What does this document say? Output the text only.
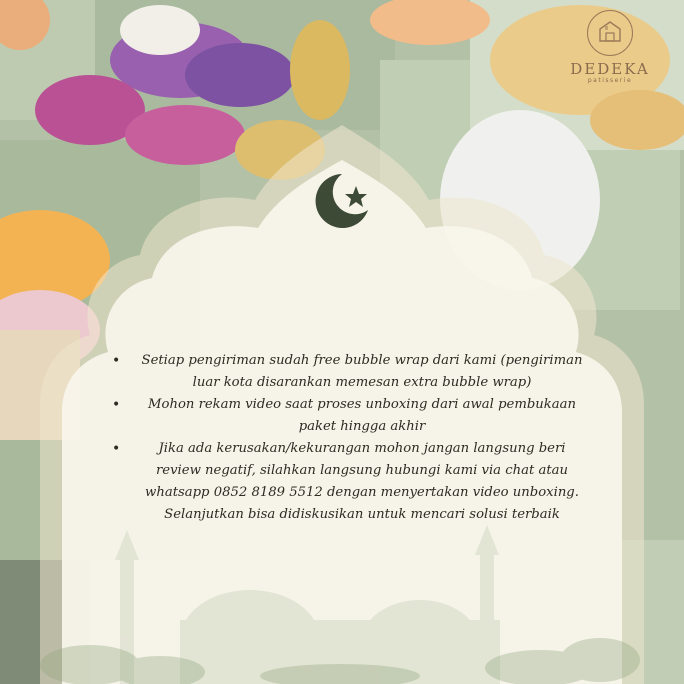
DEDEKA
patisserie
• Setiap pengiriman sudah free bubble wrap dari kami (pengiriman luar kota disarankan memesan extra bubble wrap)
• Mohon rekam video saat proses unboxing dari awal pembukaan paket hingga akhir
•	Jika ada kerusakan/kekurangan mohon jangan langsung beri review negatif, silahkan langsung hubungi kami via chat atau whatsapp 0852 8189 5512 dengan menyertakan video unboxing. Selanjutkan bisa didiskusikan untuk mencari solusi terbaik
